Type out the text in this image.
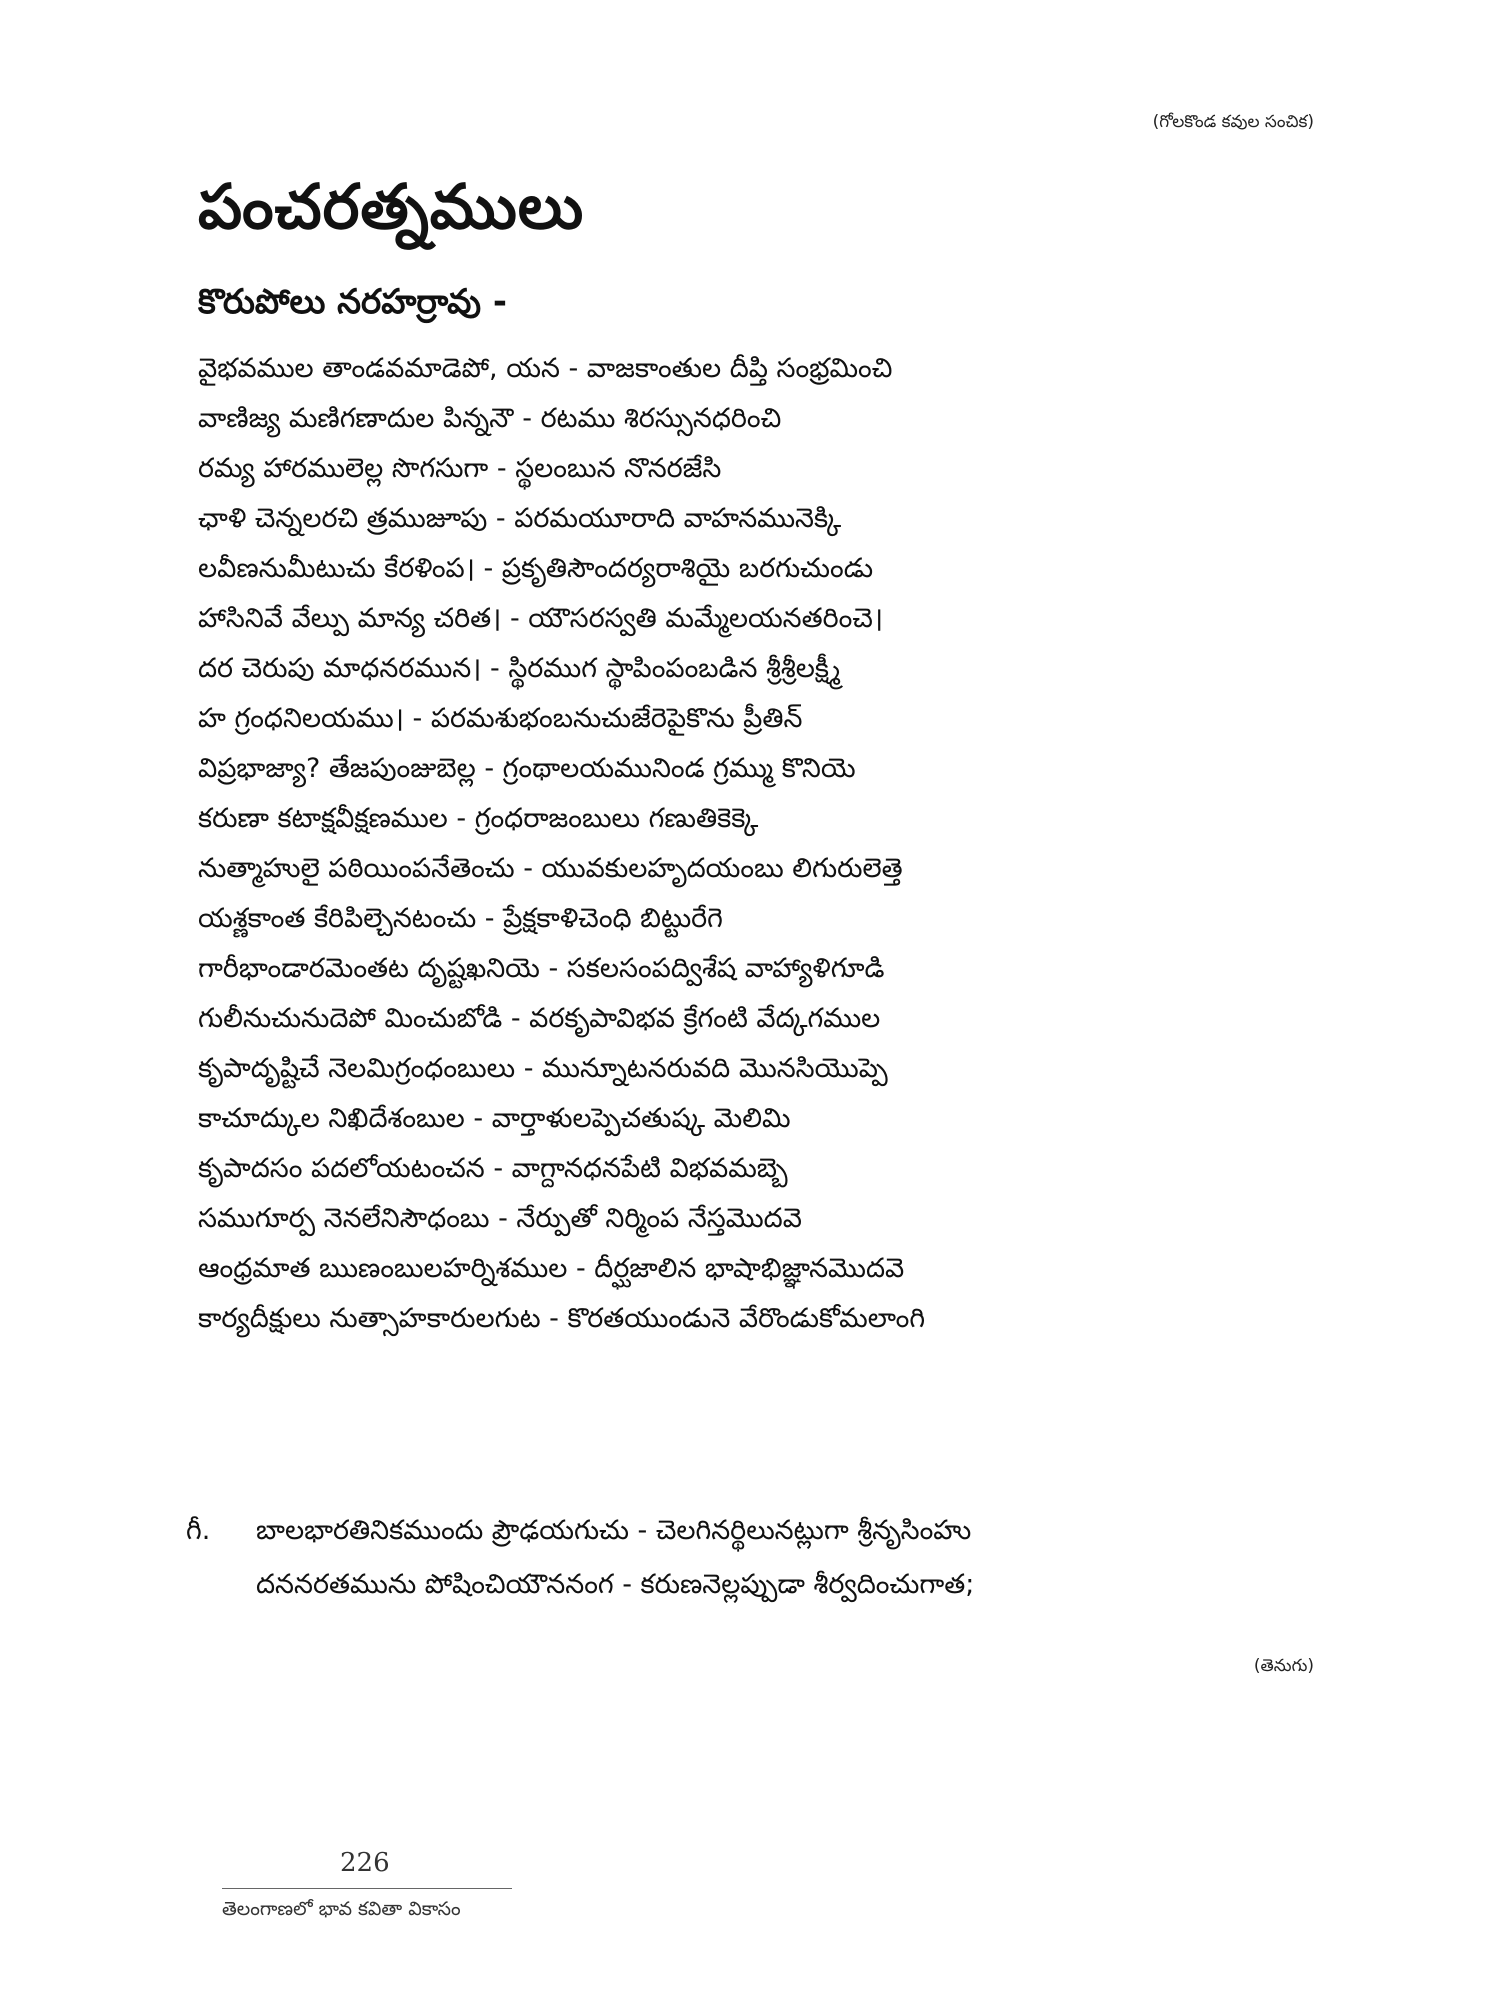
(గోలకొండ కవుల సంచిక)
పంచరత్నములు
కొరుపోలు నరహర్రావు -
వైభవముల తాండవమాడెపో, యన - వాజకాంతుల దీప్తి సంభ్రమించి
వాణిజ్య మణిగణాదుల పిన్ననౌ - రటము శిరస్సునధరించి
రమ్య హారములెల్ల సొగసుగా - స్థలంబున నొనరజేసి
ఛాళి చెన్నలరచి త్రముజూపు - పరమయూరాది వాహనమునెక్కి
లవీణనుమీటుచు కేరళింప। - ప్రకృతిసౌందర్యరాశియై బరగుచుండు
హాసినివే వేల్పు మాన్య చరిత। - యౌసరస్వతి మమ్మేలయనతరించె।
దర చెరుపు మాధనరమున। - స్థిరముగ స్థాపింపంబడిన శ్రీశ్రీలక్ష్మీ
హ గ్రంధనిలయము। - పరమశుభంబనుచుజేరెపైకొను ప్రీతిన్
విప్రభాజ్యా? తేజపుంజుబెల్ల - గ్రంథాలయమునిండ గ్రమ్ము కొనియె
కరుణా కటాక్షవీక్షణముల - గ్రంధరాజంబులు గణుతికెక్కె
నుత్మాహులై పఠియింపనేతెంచు - యువకులహృదయంబు లిగురులెత్తె
యశ్ణకాంత కేరిపిల్చెనటంచు - ప్రేక్షకాళిచెంధి బిట్టురేగె
గారీభాండారమెంతట దృష్టఖనియె - సకలసంపద్విశేష వాహ్యాళిగూడి
గులీనుచునుదెపో మించుబోడి - వరకృపావిభవ క్రేగంటి వేద్కగముల
కృపాదృష్టిచే నెలమిగ్రంధంబులు - మున్నూటనరువది మొనసియొప్పె
కాచూద్కుల నిఖిదేశంబుల - వార్తాళులప్పెచతుష్క మెలిమి
కృపాదసం పదలోయటంచన - వాగ్దానధనపేటి విభవమబ్బె
సముగూర్ప నెనలేనిసౌధంబు - నేర్పుతో నిర్మింప నేస్తమొదవె
ఆంధ్రమాత ఋణంబులహర్నిశముల - దీర్ఘజాలిన భాషాభిజ్ఞానమొదవె
కార్యదీక్షులు నుత్సాహకారులగుట - కొరతయుండునె వేరొండుకోమలాంగి
గీ. బాలభారతినికముందు ప్రౌఢయగుచు - చెలగినర్థిలునట్లుగా శ్రీనృసింహు
దననరతమును పోషించియౌననంగ - కరుణనెల్లప్పుడా శీర్వదించుగాత;
(తెనుగు)
226
తెలంగాణలో భావ కవితా వికాసం
